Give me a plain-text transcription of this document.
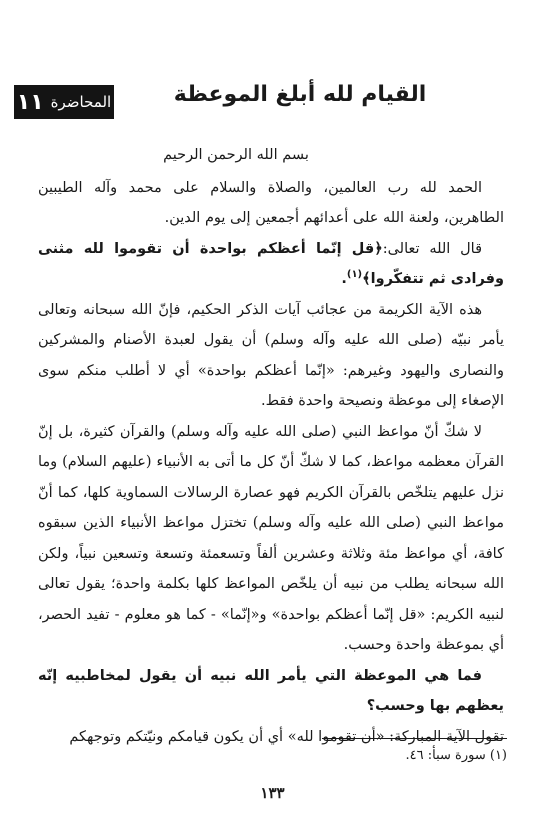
المحاضرة
١١	القيام لله أبلغ الموعظة

بسم الله الرحمن الرحيم

الحمد لله رب العالمين، والصلاة والسلام على محمد وآله الطيبين الطاهرين، ولعنة الله على أعدائهم أجمعين إلى يوم الدين.

قال الله تعالى:﴿قل إنّما أعظكم بواحدة أن تقوموا لله مثنى وفرادى ثم تتفكّروا﴾$^{(١)}$.

هذه الآية الكريمة من عجائب آيات الذكر الحكيم، فإنّ الله سبحانه وتعالى يأمر نبيّه (صلى الله عليه وآله وسلم) أن يقول لعبدة الأصنام والمشركين والنصارى واليهود وغيرهم: «إنّما أعظكم بواحدة» أي لا أطلب منكم سوى الإصغاء إلى موعظة ونصيحة واحدة فقط.

لا شكّ أنّ مواعظ النبي (صلى الله عليه وآله وسلم) والقرآن كثيرة، بل إنّ القرآن معظمه مواعظ، كما لا شكّ أنّ كل ما أتى به الأنبياء (عليهم السلام) وما نزل عليهم يتلخّص بالقرآن الكريم فهو عصارة الرسالات السماوية كلها، كما أنّ مواعظ النبي (صلى الله عليه وآله وسلم) تختزل مواعظ الأنبياء الذين سبقوه كافة، أي مواعظ مئة وثلاثة وعشرين ألفاً وتسعمئة وتسعة وتسعين نبياً، ولكن الله سبحانه يطلب من نبيه أن يلخّص المواعظ كلها بكلمة واحدة؛ يقول تعالى لنبيه الكريم: «قل إنّما أعظكم بواحدة» و«إنّما» - كما هو معلوم - تفيد الحصر، أي بموعظة واحدة وحسب.

فما هي الموعظة التي يأمر الله نبيه أن يقول لمخاطبيه إنّه يعظهم بها وحسب؟

تقول الآية المباركة: «أن تقوموا لله» أي أن يكون قيامكم ونيّتكم وتوجهكم

(١) سورة سبأ: ٤٦.

١٣٣
